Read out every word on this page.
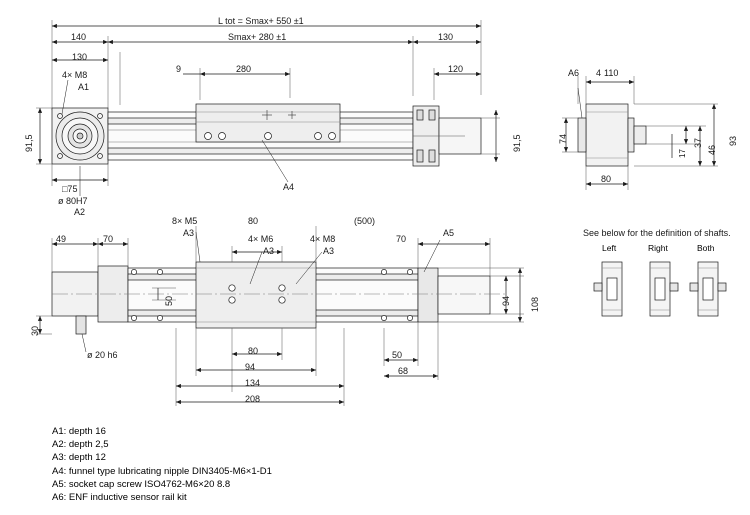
L tot = Smax+ 550 ±1
Smax+ 280 ±1
140
130
130
120
280
9
91,5	91,5
□75
ø 80H7
4× M8
A1
A2
A4
4 110
80
74	93
46
37
17
A6
49	70	70
(500)
8× M5
4× M6	4× M8
80
80
94
134
208
50
68
30
50	94 108
ø 20 h6
A3
A3	A3
A5	See below for the definition of shafts.
Left	Right	Both
A1: depth 16
A2: depth 2,5
A3: depth 12
A4: funnel type lubricating nipple DIN3405-M6×1-D1
A5: socket cap screw ISO4762-M6×20 8.8
A6: ENF inductive sensor rail kit
